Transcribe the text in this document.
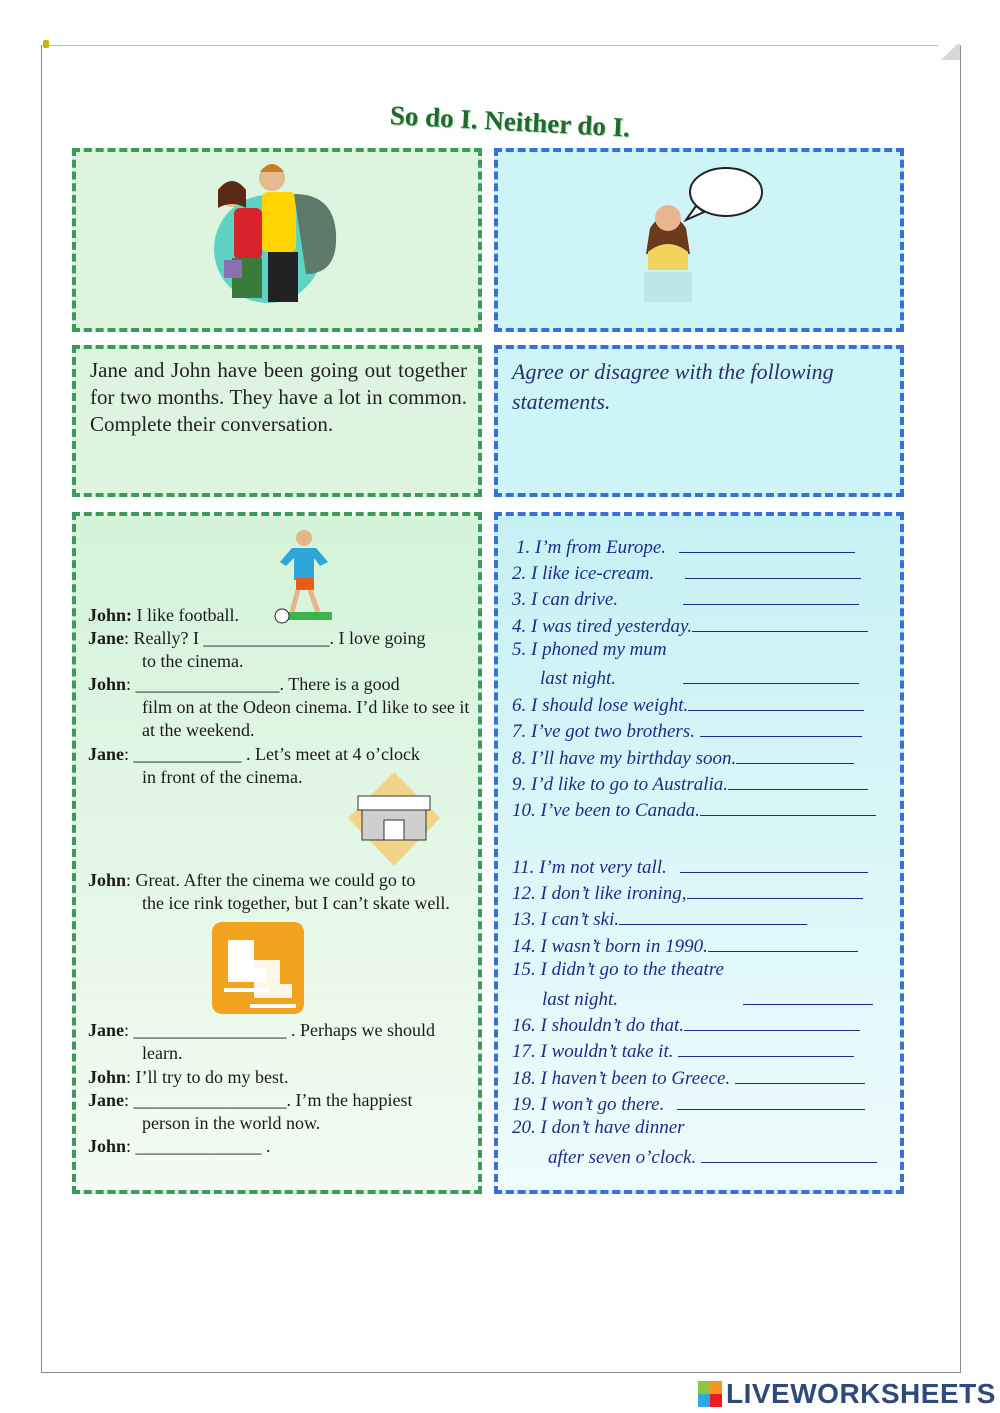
So do I. Neither do I.
Jane and John have been going out together for two months. They have a lot in common. Complete their conversation.
Agree or disagree with the following statements.
John: I like football.
Jane: Really? I ______________. I love going
to the cinema.
John: ________________. There is a good
film on at the Odeon cinema. I’d like to see it at the weekend.
Jane: ____________ . Let’s meet at 4 o’clock
in front of the cinema.
John: Great. After the cinema we could go to
the ice rink together, but I can’t skate well.
Jane: _________________ . Perhaps we should
learn.
John: I’ll try to do my best.
Jane: _________________. I’m the happiest
person in the world now.
John: ______________ .
1. I’m from Europe.
2. I like ice-cream.
3. I can drive.
4. I was tired yesterday.
5. I phoned my mum
last night.
6. I should lose weight.
7. I’ve got two brothers.
8. I’ll have my birthday soon.
9. I’d like to go to Australia.
10. I’ve been to Canada.
11. I’m not very tall.
12. I don’t like ironing,
13. I can’t ski.
14. I wasn’t born in 1990.
15. I didn’t go to the theatre
last night.
16. I shouldn’t do that.
17. I wouldn’t take it.
18. I haven’t been to Greece.
19. I won’t go there.
20. I don’t have dinner
after seven o’clock.
LIVEWORKSHEETS
